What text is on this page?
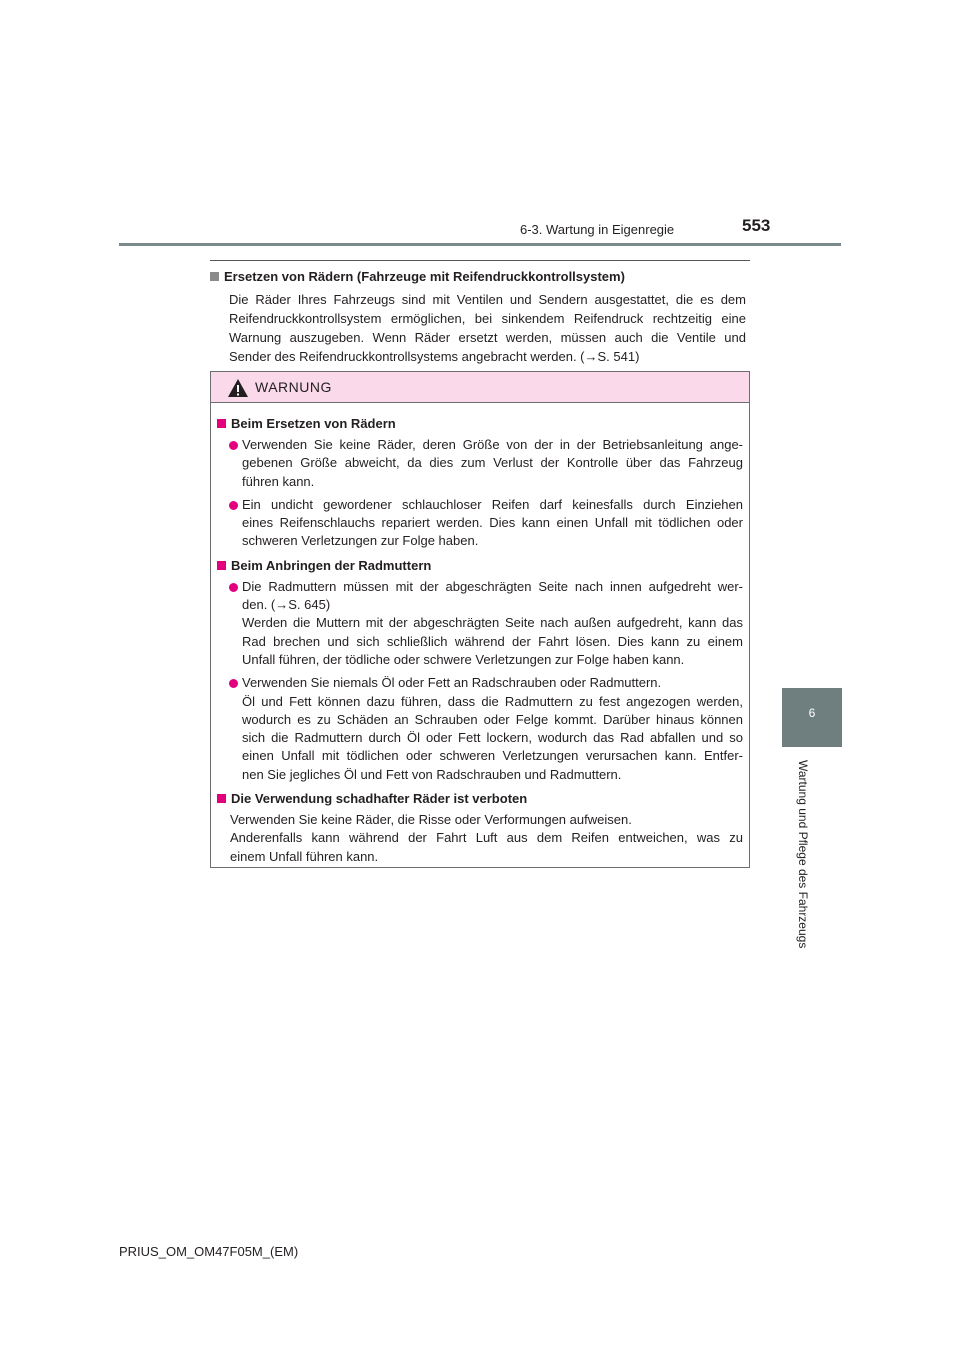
6-3. Wartung in Eigenregie	553
6
Wartung und Pflege des Fahrzeugs
Ersetzen von Rädern (Fahrzeuge mit Reifendruckkontrollsystem)
Die Räder Ihres Fahrzeugs sind mit Ventilen und Sendern ausgestattet, die es dem
Reifendruckkontrollsystem ermöglichen, bei sinkendem Reifendruck rechtzeitig eine
Warnung auszugeben. Wenn Räder ersetzt werden, müssen auch die Ventile und
Sender des Reifendruckkontrollsystems angebracht werden. (→S. 541)
WARNUNG
Beim Ersetzen von Rädern
Verwenden Sie keine Räder, deren Größe von der in der Betriebsanleitung ange-
gebenen Größe abweicht, da dies zum Verlust der Kontrolle über das Fahrzeug
führen kann.
Ein undicht gewordener schlauchloser Reifen darf keinesfalls durch Einziehen
eines Reifenschlauchs repariert werden. Dies kann einen Unfall mit tödlichen oder
schweren Verletzungen zur Folge haben.
Beim Anbringen der Radmuttern
Die Radmuttern müssen mit der abgeschrägten Seite nach innen aufgedreht wer-
den. (→S. 645)
Werden die Muttern mit der abgeschrägten Seite nach außen aufgedreht, kann das
Rad brechen und sich schließlich während der Fahrt lösen. Dies kann zu einem
Unfall führen, der tödliche oder schwere Verletzungen zur Folge haben kann.
Verwenden Sie niemals Öl oder Fett an Radschrauben oder Radmuttern.
Öl und Fett können dazu führen, dass die Radmuttern zu fest angezogen werden,
wodurch es zu Schäden an Schrauben oder Felge kommt. Darüber hinaus können
sich die Radmuttern durch Öl oder Fett lockern, wodurch das Rad abfallen und so
einen Unfall mit tödlichen oder schweren Verletzungen verursachen kann. Entfer-
nen Sie jegliches Öl und Fett von Radschrauben und Radmuttern.
Die Verwendung schadhafter Räder ist verboten
Verwenden Sie keine Räder, die Risse oder Verformungen aufweisen.
Anderenfalls kann während der Fahrt Luft aus dem Reifen entweichen, was zu
einem Unfall führen kann.
PRIUS_OM_OM47F05M_(EM)
